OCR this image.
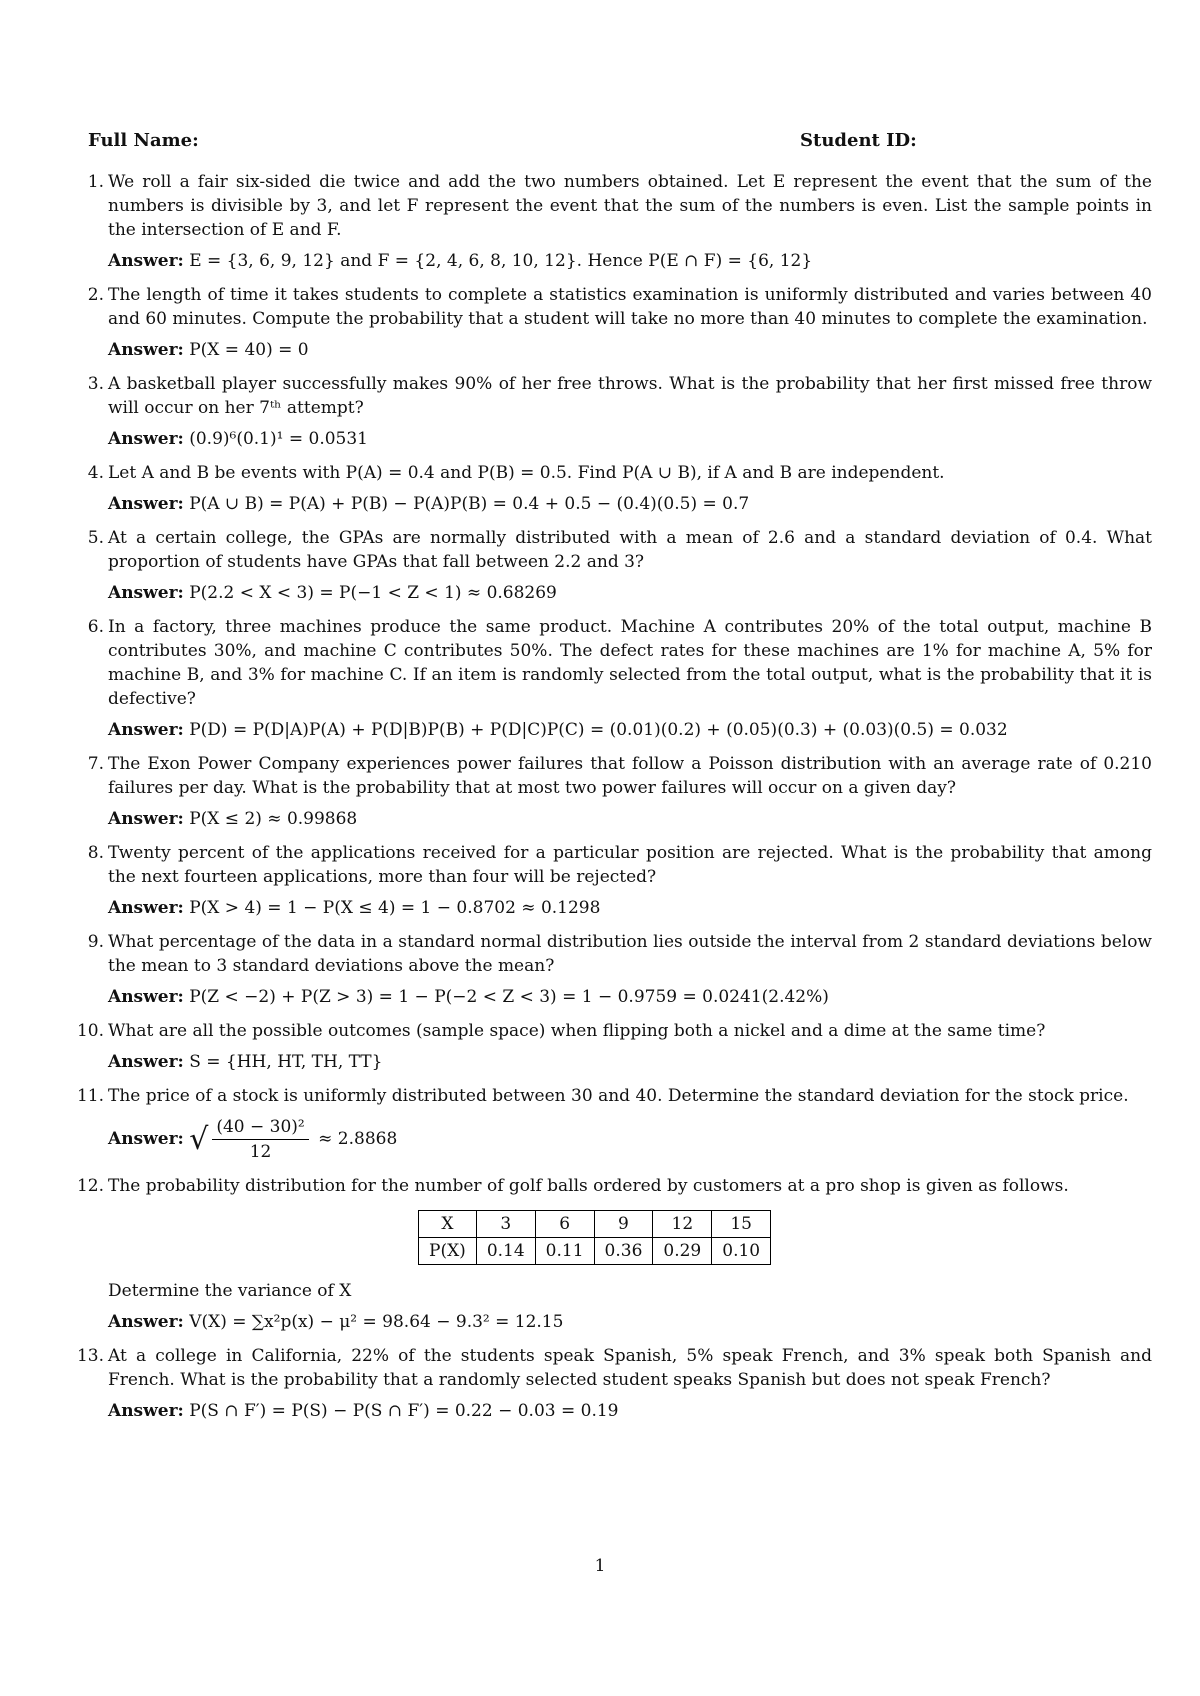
Full Name:	Student ID:
1. We roll a fair six-sided die twice and add the two numbers obtained. Let E represent the event that the sum of the numbers is divisible by 3, and let F represent the event that the sum of the numbers is even. List the sample points in the intersection of E and F.
Answer: E = {3, 6, 9, 12} and F = {2, 4, 6, 8, 10, 12}. Hence P(E ∩ F) = {6, 12}
2. The length of time it takes students to complete a statistics examination is uniformly distributed and varies between 40 and 60 minutes. Compute the probability that a student will take no more than 40 minutes to complete the examination.
Answer: P(X = 40) = 0
3. A basketball player successfully makes 90% of her free throws. What is the probability that her first missed free throw will occur on her 7ᵗʰ attempt?
Answer: (0.9)⁶(0.1)¹ = 0.0531
4. Let A and B be events with P(A) = 0.4 and P(B) = 0.5. Find P(A ∪ B), if A and B are independent.
Answer: P(A ∪ B) = P(A) + P(B) − P(A)P(B) = 0.4 + 0.5 − (0.4)(0.5) = 0.7
5. At a certain college, the GPAs are normally distributed with a mean of 2.6 and a standard deviation of 0.4. What proportion of students have GPAs that fall between 2.2 and 3?
Answer: P(2.2 < X < 3) = P(−1 < Z < 1) ≈ 0.68269
6. In a factory, three machines produce the same product. Machine A contributes 20% of the total output, machine B contributes 30%, and machine C contributes 50%. The defect rates for these machines are 1% for machine A, 5% for machine B, and 3% for machine C. If an item is randomly selected from the total output, what is the probability that it is defective?
Answer: P(D) = P(D|A)P(A) + P(D|B)P(B) + P(D|C)P(C) = (0.01)(0.2) + (0.05)(0.3) + (0.03)(0.5) = 0.032
7. The Exon Power Company experiences power failures that follow a Poisson distribution with an average rate of 0.210 failures per day. What is the probability that at most two power failures will occur on a given day?
Answer: P(X ≤ 2) ≈ 0.99868
8. Twenty percent of the applications received for a particular position are rejected. What is the probability that among the next fourteen applications, more than four will be rejected?
Answer: P(X > 4) = 1 − P(X ≤ 4) = 1 − 0.8702 ≈ 0.1298
9. What percentage of the data in a standard normal distribution lies outside the interval from 2 standard deviations below the mean to 3 standard deviations above the mean?
Answer: P(Z < −2) + P(Z > 3) = 1 − P(−2 < Z < 3) = 1 − 0.9759 = 0.0241(2.42%)
10. What are all the possible outcomes (sample space) when flipping both a nickel and a dime at the same time?
Answer: S = {HH, HT, TH, TT}
11. The price of a stock is uniformly distributed between 30 and 40. Determine the standard deviation for the stock price.
Answer: √ $\frac{\text{(40 − 30)²}}{12} \approx 2.8868$
12. The probability distribution for the number of golf balls ordered by customers at a pro shop is given as follows.
X	3	6	9	12	15
P(X)	0.14	0.11	0.36	0.29	0.10
Determine the variance of X
Answer: V(X) = ∑x²p(x) − μ² = 98.64 − 9.3² = 12.15
13. At a college in California, 22% of the students speak Spanish, 5% speak French, and 3% speak both Spanish and French. What is the probability that a randomly selected student speaks Spanish but does not speak French?
Answer: P(S ∩ F′) = P(S) − P(S ∩ F′) = 0.22 − 0.03 = 0.19
1
